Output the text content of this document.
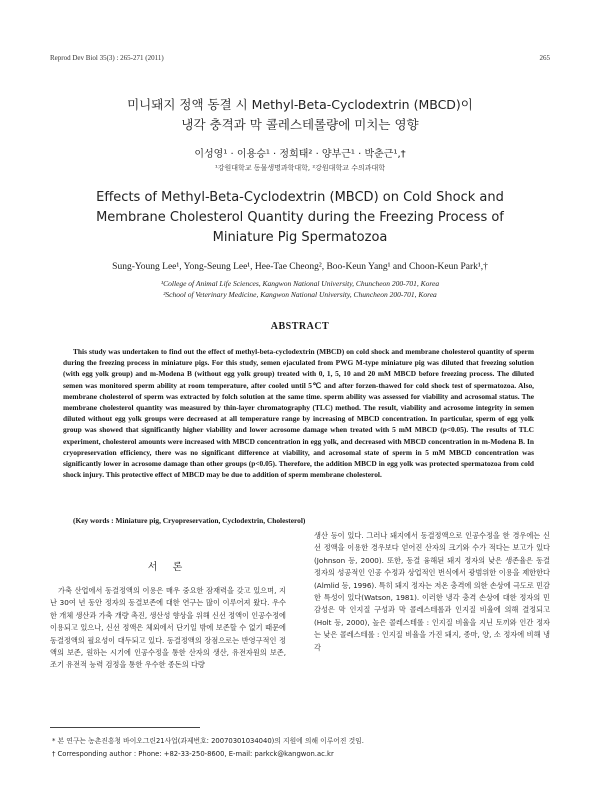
Reprod Dev Biol 35(3) : 265-271 (2011)	265
미니돼지 정액 동결 시 Methyl-Beta-Cyclodextrin (MBCD)이
냉각 충격과 막 콜레스테롤량에 미치는 영향
이성영¹ · 이용승¹ · 정희태² · 양부근¹ · 박춘근¹,†
¹강원대학교 동물생명과학대학, ²강원대학교 수의과대학
Effects of Methyl-Beta-Cyclodextrin (MBCD) on Cold Shock and
Membrane Cholesterol Quantity during the Freezing Process of
Miniature Pig Spermatozoa
Sung-Young Lee¹, Yong-Seung Lee¹, Hee-Tae Cheong², Boo-Keun Yang¹ and Choon-Keun Park¹,†
¹College of Animal Life Sciences, Kangwon National University, Chuncheon 200-701, Korea
²School of Veterinary Medicine, Kangwon National University, Chuncheon 200-701, Korea
ABSTRACT
This study was undertaken to find out the effect of methyl-beta-cyclodextrin (MBCD) on cold shock and membrane cholesterol quantity of sperm during the freezing process in miniature pigs. For this study, semen ejaculated from PWG M-type miniature pig was diluted that freezing solution (with egg yolk group) and m-Modena B (without egg yolk group) treated with 0, 1, 5, 10 and 20 mM MBCD before freezing process. The diluted semen was monitored sperm ability at room temperature, after cooled until 5℃ and after forzen-thawed for cold shock test of spermatozoa. Also, membrane cholesterol of sperm was extracted by folch solution at the same time. sperm ability was assessed for viability and acrosomal status. The membrane cholesterol quantity was measured by thin-layer chromatography (TLC) method. The result, viability and acrosome integrity in semen diluted without egg yolk groups were decreased at all temperature range by increasing of MBCD concentration. In particular, sperm of egg yolk group was showed that significantly higher viability and lower acrosome damage when treated with 5 mM MBCD (p<0.05). The results of TLC experiment, cholesterol amounts were increased with MBCD concentration in egg yolk, and decreased with MBCD concentration in m-Modena B. In cryopreservation efficiency, there was no significant difference at viability, and acrosomal state of sperm in 5 mM MBCD concentration was significantly lower in acrosome damage than other groups (p<0.05). Therefore, the addition MBCD in egg yolk was protected spermatozoa from cold shock injury. This protective effect of MBCD may be due to addition of sperm membrane cholesterol.
(Key words : Miniature pig, Cryopreservation, Cyclodextrin, Cholesterol)
서 론

가축 산업에서 동결정액의 이용은 매우 중요한 잠재력을 갖고 있으며, 지난 30여 년 동안 정자의 동결보존에 대한 연구는 많이 이루어져 왔다. 우수한 개체 생산과 가축 개량 촉진, 생산성 향상을 위해 신선 정액이 인공수정에 이용되고 있으나, 신선 정액은 체외에서 단기일 밖에 보존할 수 없기 때문에 동결정액의 필요성이 대두되고 있다. 동결정액의 장점으로는 반영구적인 정액의 보존, 원하는 시기에 인공수정을 통한 산자의 생산, 유전자원의 보존, 조기 유전적 능력 검정을 통한 우수한 종돈의 다량

생산 등이 있다. 그러나 돼지에서 동결정액으로 인공수정을 한 경우에는 신선 정액을 이용한 경우보다 얻어진 산자의 크기와 수가 적다는 보고가 있다(Johnson 등, 2000). 또한, 동결 융해된 돼지 정자의 낮은 생존율은 동결 정자의 성공적인 인공 수정과 상업적인 번식에서 광범위한 이용을 제한한다(Almlid 등, 1996). 특히 돼지 정자는 저온 충격에 의한 손상에 극도로 민감한 특성이 있다(Watson, 1981). 이러한 냉각 충격 손상에 대한 정자의 민감성은 막 인지질 구성과 막 콜레스테롤과 인지질 비율에 의해 결정되고(Holt 등, 2000), 높은 콜레스테롤 : 인지질 비율을 지닌 토끼와 인간 정자는 낮은 콜레스테롤 : 인지질 비율을 가진 돼지, 종마, 양, 소 정자에 비해 냉각

* 본 연구는 농촌진흥청 바이오그린21사업(과제번호: 20070301034040)의 지원에 의해 이루어진 것임.
† Corresponding author : Phone: +82-33-250-8600, E-mail: parkck@kangwon.ac.kr
